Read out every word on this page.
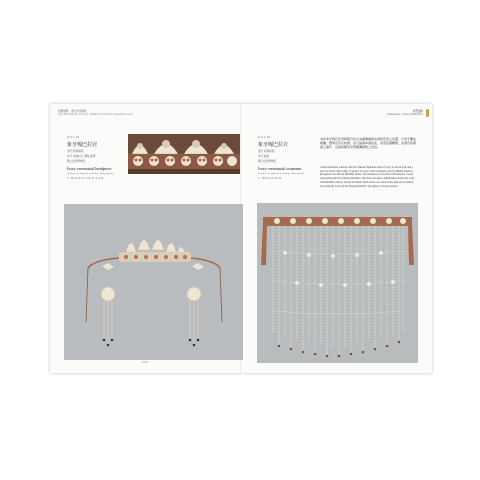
展覽總覽 · 清代宮廷藝術
The Exhibition of Ivory Artifacts from the Imperial Court
展覽圖錄
Catalogue of the Exhibition
8-3-1-01
象牙嘎巴拉冠
清代 乾隆時期
象牙 嵌綠松石 珊瑚 絲帶
國立故宮博物院
Ivory ceremonial headpiece
Produced in Imperial workshop, Qing dynasty
L. 38cm W. 21.2cm H. 8.3cm
216
8-3-1-02
象牙嘎巴拉衣
清代 乾隆時期
象牙 絲線
國立故宮博物院
Ivory ceremonial ornament
Produced in Imperial workshop, Qing dynasty
L. 140cm W. 82cm
本件象牙嘎巴拉冠與嘎巴拉衣為藏傳佛教法會時所用之法器，以象牙雕成骷髏、寶珠及各式紋飾，並以絲線串連而成，造型莊嚴精細，為清宮造辦處之傑作，反映乾隆皇帝對藏傳佛教之崇信。
A skull headdress adorned with five Dharma Buddhas made of ivory is carved from and a skirt decorated with strings of jewelry are part of the vestments worn by dharma lamas in Mongolian and Tibetan Buddhist rituals. The headdress is decorated with skeleton crowns representing the Five Dhyana Buddhas. The elaborate skirt is embellished around the waist with Buddhist wheels, lotuses and skulls. Both items were made in the imperial workshop and originally stored in the Yangxindian Hall, the emperor's living quarters.
